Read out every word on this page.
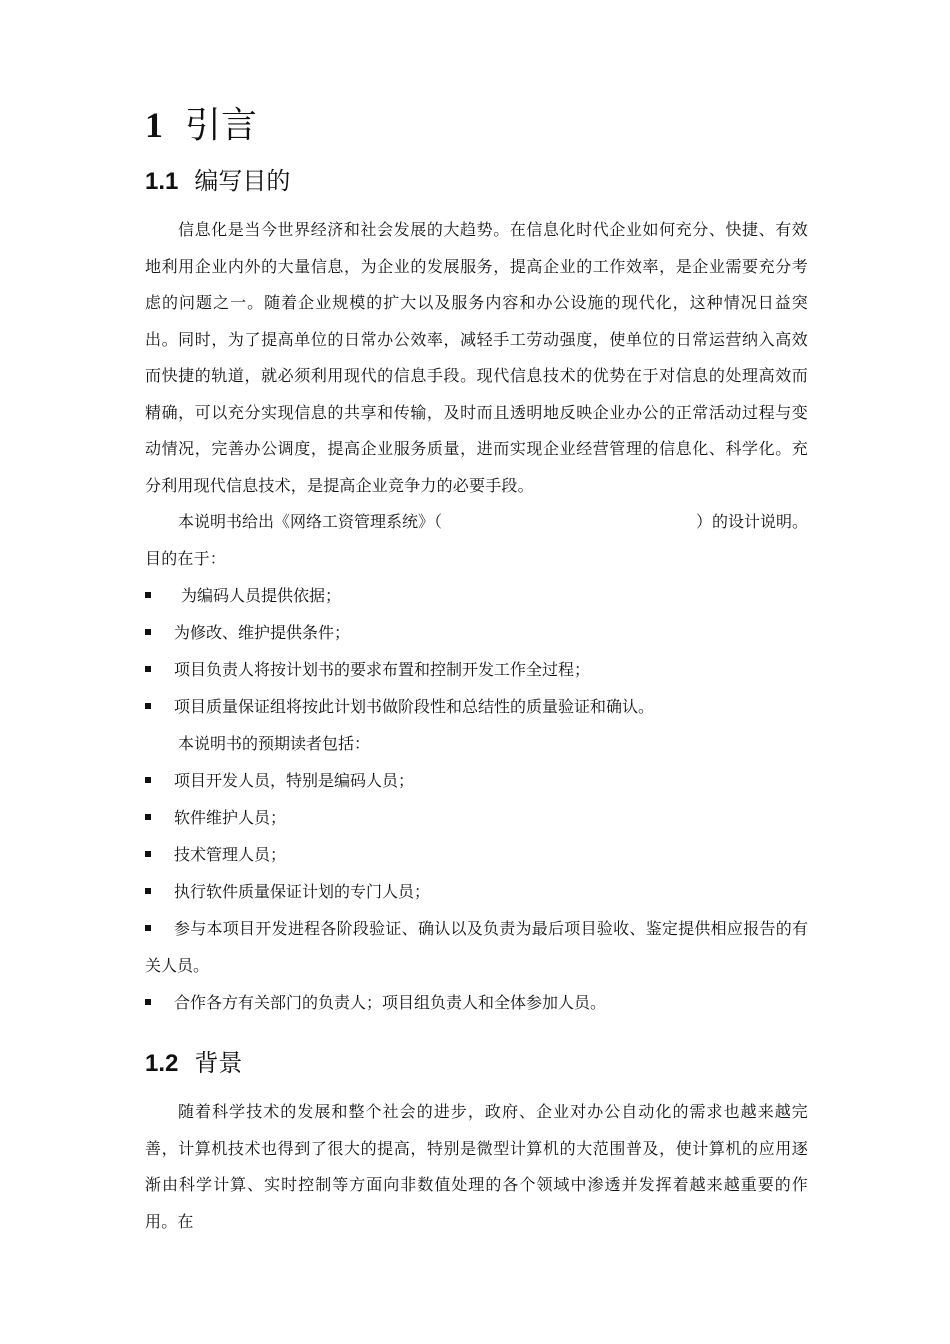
1 引言
1.1 编写目的

信息化是当今世界经济和社会发展的大趋势。在信息化时代企业如何充分、快捷、有效地利用企业内外的大量信息，为企业的发展服务，提高企业的工作效率，是企业需要充分考虑的问题之一。随着企业规模的扩大以及服务内容和办公设施的现代化，这种情况日益突出。同时，为了提高单位的日常办公效率，减轻手工劳动强度，使单位的日常运营纳入高效而快捷的轨道，就必须利用现代的信息手段。现代信息技术的优势在于对信息的处理高效而精确，可以充分实现信息的共享和传输，及时而且透明地反映企业办公的正常活动过程与变动情况，完善办公调度，提高企业服务质量，进而实现企业经营管理的信息化、科学化。充分利用现代信息技术，是提高企业竞争力的必要手段。

本说明书给出《网络工资管理系统》（	）的设计说明。

目的在于：

为编码人员提供依据；
为修改、维护提供条件；
项目负责人将按计划书的要求布置和控制开发工作全过程；
项目质量保证组将按此计划书做阶段性和总结性的质量验证和确认。

本说明书的预期读者包括：

项目开发人员，特别是编码人员；
软件维护人员；
技术管理人员；
执行软件质量保证计划的专门人员；
参与本项目开发进程各阶段验证、确认以及负责为最后项目验收、鉴定提供相应报告的有关人员。
合作各方有关部门的负责人；项目组负责人和全体参加人员。
1.2 背景

随着科学技术的发展和整个社会的进步，政府、企业对办公自动化的需求也越来越完善，计算机技术也得到了很大的提高，特别是微型计算机的大范围普及，使计算机的应用逐渐由科学计算、实时控制等方面向非数值处理的各个领域中渗透并发挥着越来越重要的作用。在
